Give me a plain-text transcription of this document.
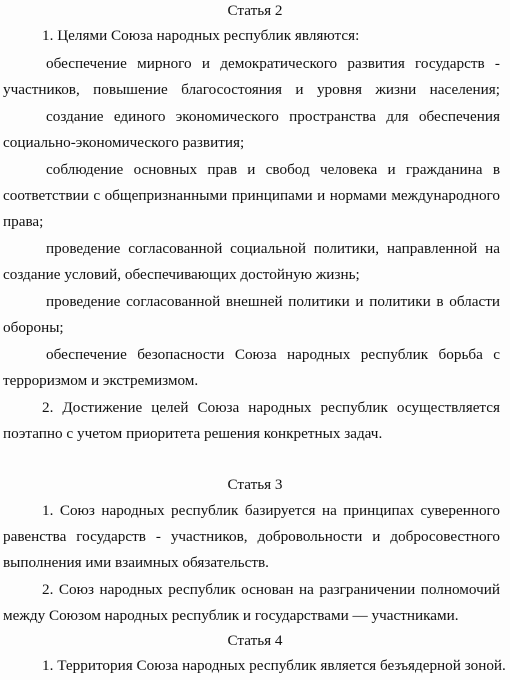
Статья 2
1. Целями Союза народных республик являются:
обеспечение мирного и демократического развития государств -
участников, повышение благосостояния и уровня жизни населения;
создание единого экономического пространства для обеспечения
социально-экономического развития;
соблюдение основных прав и свобод человека и гражданина в
соответствии с общепризнанными принципами и нормами международного
права;
проведение согласованной социальной политики, направленной на
создание условий, обеспечивающих достойную жизнь;
проведение согласованной внешней политики и политики в области
обороны;
обеспечение безопасности Союза народных республик борьба с
терроризмом и экстремизмом.
2. Достижение целей Союза народных республик осуществляется
поэтапно с учетом приоритета решения конкретных задач.
Статья 3
1. Союз народных республик базируется на принципах суверенного
равенства государств - участников, добровольности и добросовестного
выполнения ими взаимных обязательств.
2. Союз народных республик основан на разграничении полномочий
между Союзом народных республик и государствами — участниками.
Статья 4
1. Территория Союза народных республик является безъядерной зоной.
